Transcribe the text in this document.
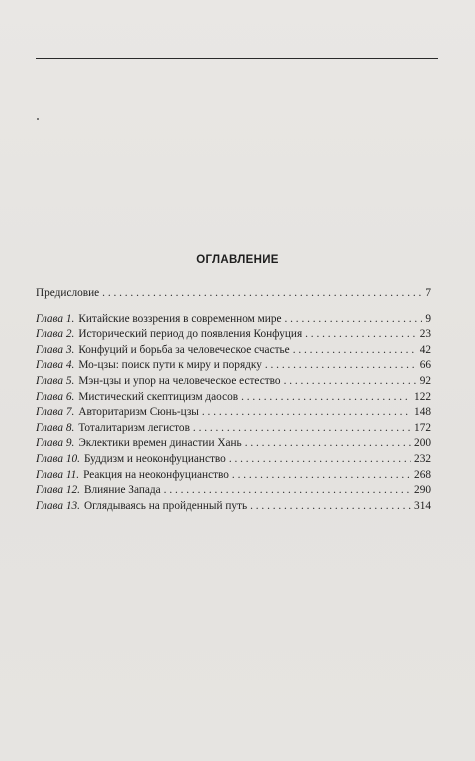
ОГЛАВЛЕНИЕ
Предисловие . . .	7
Глава 1. Китайские воззрения в современном мире . . .	9
Глава 2. Исторический период до появления Конфуция . . .	23
Глава 3. Конфуций и борьба за человеческое счастье . . .	42
Глава 4. Мо-цзы: поиск пути к миру и порядку . . .	66
Глава 5. Мэн-цзы и упор на человеческое естество . . .	92
Глава 6. Мистический скептицизм даосов . . .	122
Глава 7. Авторитаризм Сюнь-цзы . . .	148
Глава 8. Тоталитаризм легистов . . .	172
Глава 9. Эклектики времен династии Хань . . .	200
Глава 10. Буддизм и неоконфуцианство . . .	232
Глава 11. Реакция на неоконфуцианство . . .	268
Глава 12. Влияние Запада . . .	290
Глава 13. Оглядываясь на пройденный путь . . .	314
